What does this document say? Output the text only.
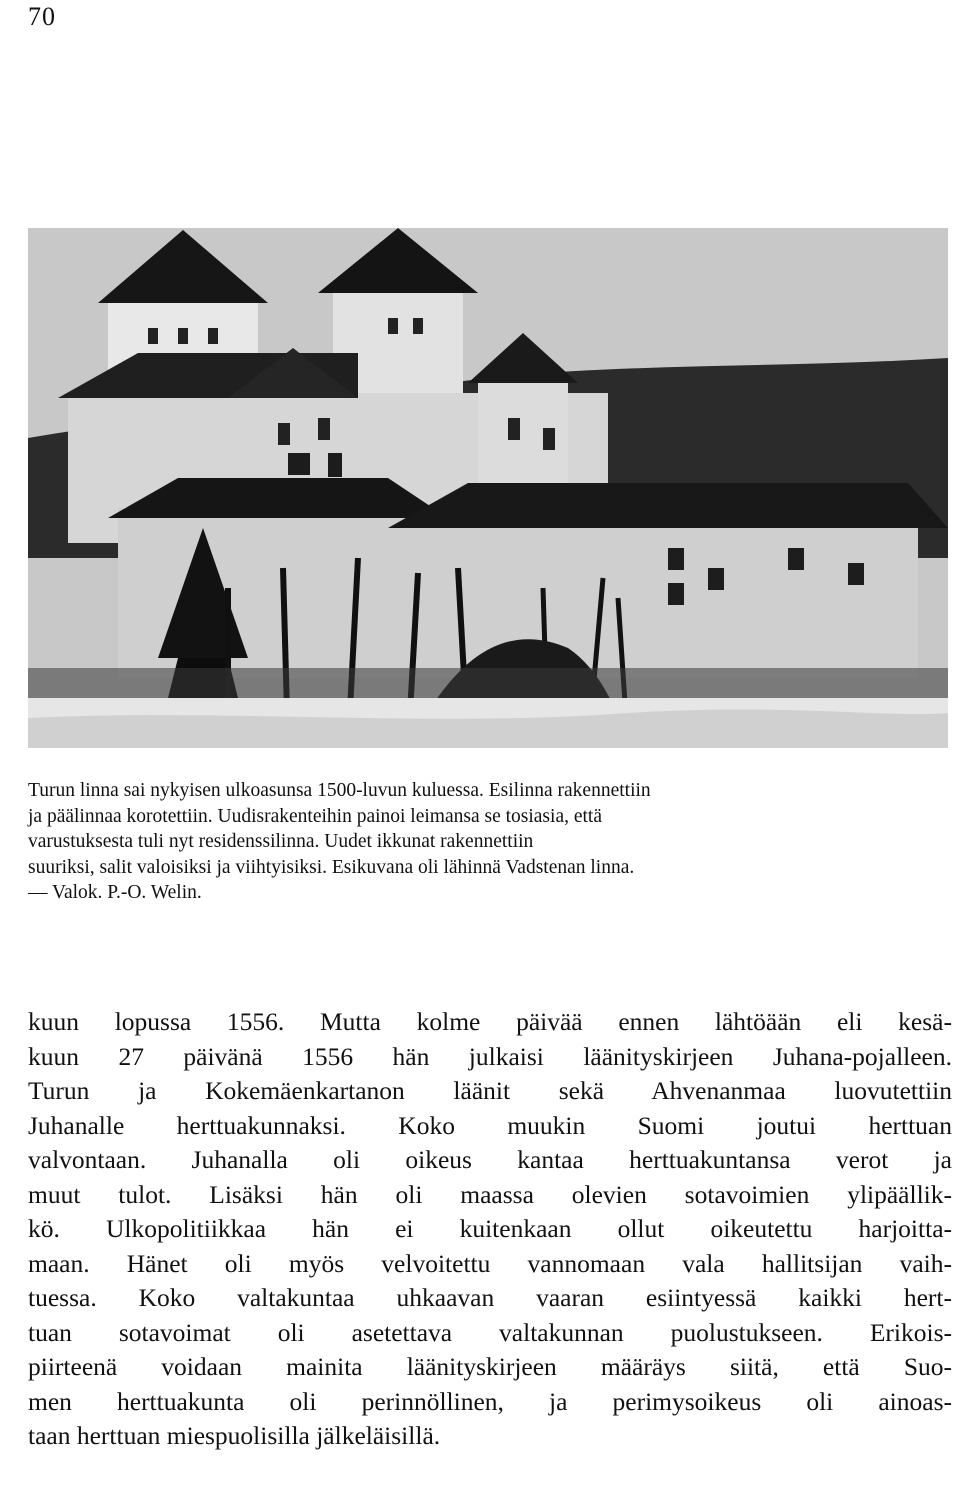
70
Turun linna sai nykyisen ulkoasunsa 1500-luvun kuluessa. Esilinna rakennettiin
ja päälinnaa korotettiin. Uudisrakenteihin painoi leimansa se tosiasia, että
varustuksesta tuli nyt residenssilinna. Uudet ikkunat rakennettiin
suuriksi, salit valoisiksi ja viihtyisiksi. Esikuvana oli lähinnä Vadstenan linna.
— Valok. P.-O. Welin.
kuun lopussa 1556. Mutta kolme päivää ennen lähtöään eli kesä-
kuun 27 päivänä 1556 hän julkaisi läänityskirjeen Juhana-pojalleen.
Turun ja Kokemäenkartanon läänit sekä Ahvenanmaa luovutettiin
Juhanalle herttuakunnaksi. Koko muukin Suomi joutui herttuan
valvontaan. Juhanalla oli oikeus kantaa herttuakuntansa verot ja
muut tulot. Lisäksi hän oli maassa olevien sotavoimien ylipäällik-
kö. Ulkopolitiikkaa hän ei kuitenkaan ollut oikeutettu harjoitta-
maan. Hänet oli myös velvoitettu vannomaan vala hallitsijan vaih-
tuessa. Koko valtakuntaa uhkaavan vaaran esiintyessä kaikki hert-
tuan sotavoimat oli asetettava valtakunnan puolustukseen. Erikois-
piirteenä voidaan mainita läänityskirjeen määräys siitä, että Suo-
men herttuakunta oli perinnöllinen, ja perimysoikeus oli ainoas-
taan herttuan miespuolisilla jälkeläisillä.
